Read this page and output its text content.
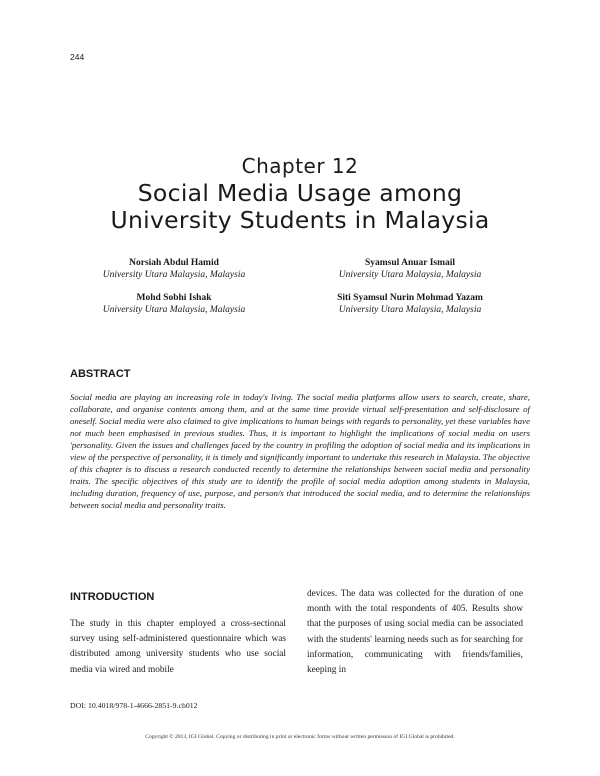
244
Chapter 12
Social Media Usage among
University Students in Malaysia
Norsiah Abdul Hamid
University Utara Malaysia, Malaysia
Syamsul Anuar Ismail
University Utara Malaysia, Malaysia
Mohd Sobhi Ishak
University Utara Malaysia, Malaysia
Siti Syamsul Nurin Mohmad Yazam
University Utara Malaysia, Malaysia
ABSTRACT
Social media are playing an increasing role in today's living. The social media platforms allow users to search, create, share, collaborate, and organise contents among them, and at the same time provide virtual self-presentation and self-disclosure of oneself. Social media were also claimed to give implications to human beings with regards to personality, yet these variables have not much been emphasised in previous studies. Thus, it is important to highlight the implications of social media on users 'personality. Given the issues and challenges faced by the country in profiling the adoption of social media and its implications in view of the perspective of personality, it is timely and significantly important to undertake this research in Malaysia. The objective of this chapter is to discuss a research conducted recently to determine the relationships between social media and personality traits. The specific objectives of this study are to identify the profile of social media adoption among students in Malaysia, including duration, frequency of use, purpose, and person/s that introduced the social media, and to determine the relationships between social media and personality traits.
INTRODUCTION
The study in this chapter employed a cross-sectional survey using self-administered questionnaire which was distributed among university students who use social media via wired and mobile
devices. The data was collected for the duration of one month with the total respondents of 405. Results show that the purposes of using social media can be associated with the students' learning needs such as for searching for information, communicating with friends/families, keeping in
DOI: 10.4018/978-1-4666-2851-9.ch012
Copyright © 2013, IGI Global. Copying or distributing in print or electronic forms without written permission of IGI Global is prohibited.
